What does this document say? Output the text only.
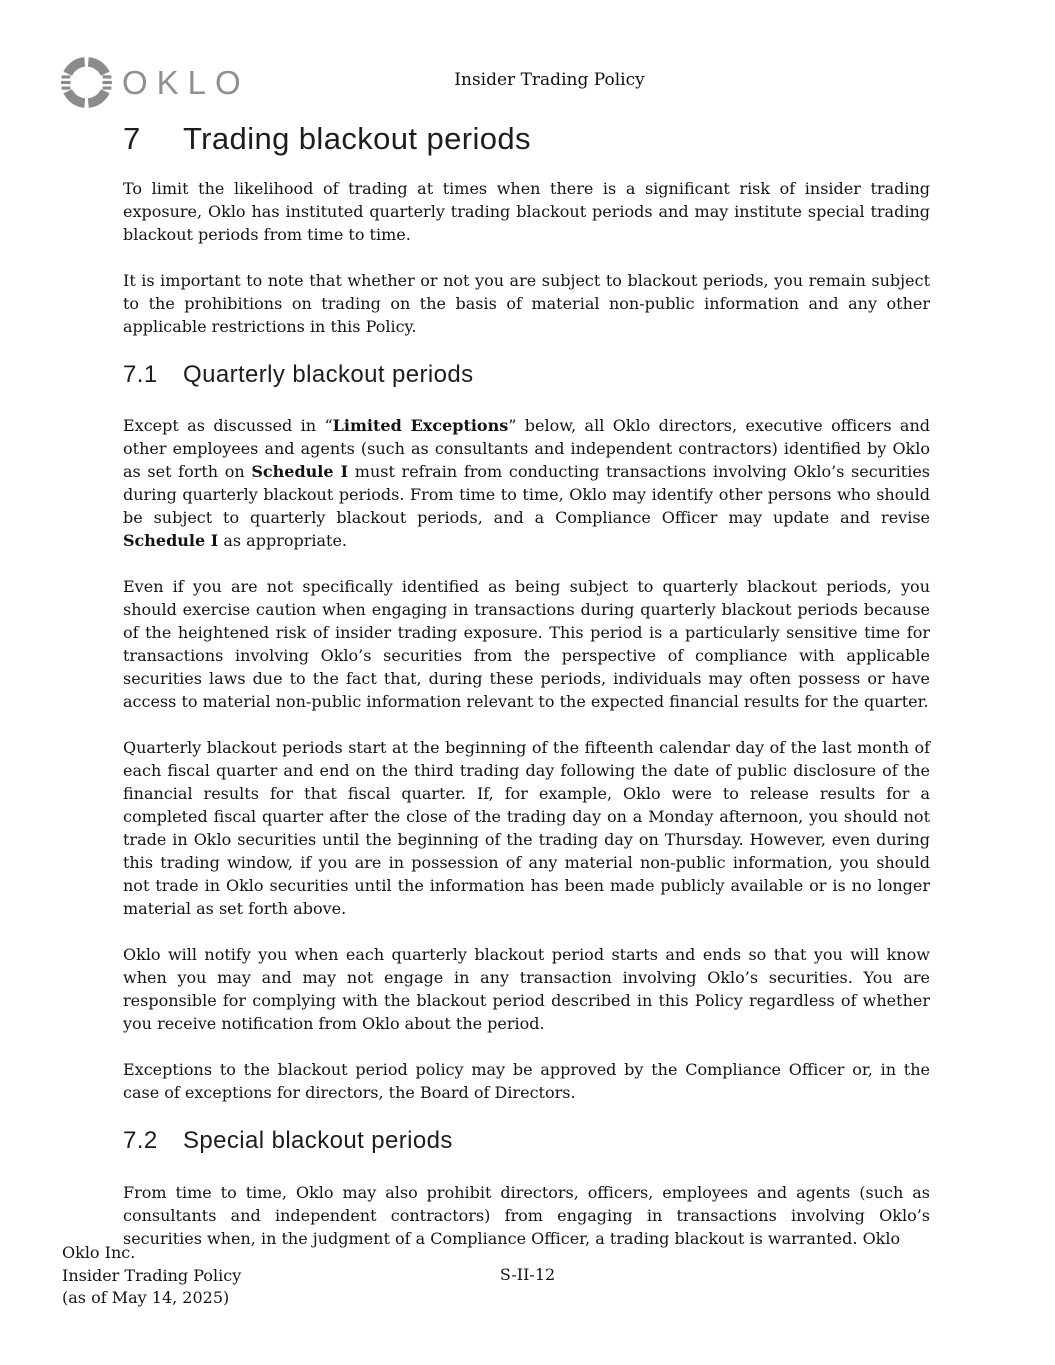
OKLO	Insider Trading Policy
7	Trading blackout periods

To limit the likelihood of trading at times when there is a significant risk of insider trading exposure, Oklo has instituted quarterly trading blackout periods and may institute special trading blackout periods from time to time.

It is important to note that whether or not you are subject to blackout periods, you remain subject to the prohibitions on trading on the basis of material non-public information and any other applicable restrictions in this Policy.

7.1	Quarterly blackout periods

Except as discussed in “Limited Exceptions” below, all Oklo directors, executive officers and other employees and agents (such as consultants and independent contractors) identified by Oklo as set forth on Schedule I must refrain from conducting transactions involving Oklo’s securities during quarterly blackout periods. From time to time, Oklo may identify other persons who should be subject to quarterly blackout periods, and a Compliance Officer may update and revise Schedule I as appropriate.

Even if you are not specifically identified as being subject to quarterly blackout periods, you should exercise caution when engaging in transactions during quarterly blackout periods because of the heightened risk of insider trading exposure. This period is a particularly sensitive time for transactions involving Oklo’s securities from the perspective of compliance with applicable securities laws due to the fact that, during these periods, individuals may often possess or have access to material non-public information relevant to the expected financial results for the quarter.

Quarterly blackout periods start at the beginning of the fifteenth calendar day of the last month of each fiscal quarter and end on the third trading day following the date of public disclosure of the financial results for that fiscal quarter. If, for example, Oklo were to release results for a completed fiscal quarter after the close of the trading day on a Monday afternoon, you should not trade in Oklo securities until the beginning of the trading day on Thursday. However, even during this trading window, if you are in possession of any material non-public information, you should not trade in Oklo securities until the information has been made publicly available or is no longer material as set forth above.

Oklo will notify you when each quarterly blackout period starts and ends so that you will know when you may and may not engage in any transaction involving Oklo’s securities. You are responsible for complying with the blackout period described in this Policy regardless of whether you receive notification from Oklo about the period.

Exceptions to the blackout period policy may be approved by the Compliance Officer or, in the case of exceptions for directors, the Board of Directors.

7.2	Special blackout periods

From time to time, Oklo may also prohibit directors, officers, employees and agents (such as consultants and independent contractors) from engaging in transactions involving Oklo’s securities when, in the judgment of a Compliance Officer, a trading blackout is warranted. Oklo

Oklo Inc.
Insider Trading Policy
(as of May 14, 2025)
S-II-12
